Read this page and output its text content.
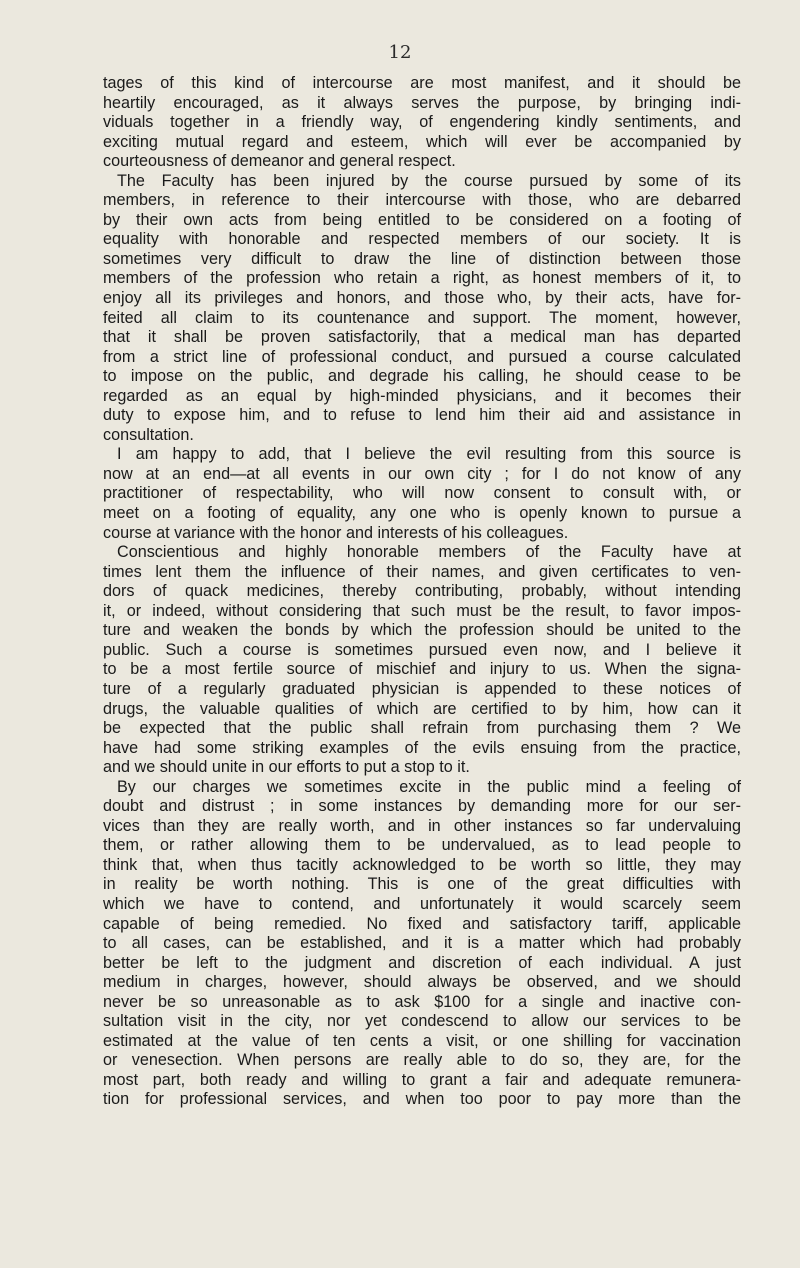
12
tages of this kind of intercourse are most manifest, and it should be
heartily encouraged, as it always serves the purpose, by bringing indi-
viduals together in a friendly way, of engendering kindly sentiments, and
exciting mutual regard and esteem, which will ever be accompanied by
courteousness of demeanor and general respect.
The Faculty has been injured by the course pursued by some of its
members, in reference to their intercourse with those, who are debarred
by their own acts from being entitled to be considered on a footing of
equality with honorable and respected members of our society. It is
sometimes very difficult to draw the line of distinction between those
members of the profession who retain a right, as honest members of it, to
enjoy all its privileges and honors, and those who, by their acts, have for-
feited all claim to its countenance and support. The moment, however,
that it shall be proven satisfactorily, that a medical man has departed
from a strict line of professional conduct, and pursued a course calculated
to impose on the public, and degrade his calling, he should cease to be
regarded as an equal by high-minded physicians, and it becomes their
duty to expose him, and to refuse to lend him their aid and assistance in
consultation.
I am happy to add, that I believe the evil resulting from this source is
now at an end—at all events in our own city ; for I do not know of any
practitioner of respectability, who will now consent to consult with, or
meet on a footing of equality, any one who is openly known to pursue a
course at variance with the honor and interests of his colleagues.
Conscientious and highly honorable members of the Faculty have at
times lent them the influence of their names, and given certificates to ven-
dors of quack medicines, thereby contributing, probably, without intending
it, or indeed, without considering that such must be the result, to favor impos-
ture and weaken the bonds by which the profession should be united to the
public. Such a course is sometimes pursued even now, and I believe it
to be a most fertile source of mischief and injury to us. When the signa-
ture of a regularly graduated physician is appended to these notices of
drugs, the valuable qualities of which are certified to by him, how can it
be expected that the public shall refrain from purchasing them ? We
have had some striking examples of the evils ensuing from the practice,
and we should unite in our efforts to put a stop to it.
By our charges we sometimes excite in the public mind a feeling of
doubt and distrust ; in some instances by demanding more for our ser-
vices than they are really worth, and in other instances so far undervaluing
them, or rather allowing them to be undervalued, as to lead people to
think that, when thus tacitly acknowledged to be worth so little, they may
in reality be worth nothing. This is one of the great difficulties with
which we have to contend, and unfortunately it would scarcely seem
capable of being remedied. No fixed and satisfactory tariff, applicable
to all cases, can be established, and it is a matter which had probably
better be left to the judgment and discretion of each individual. A just
medium in charges, however, should always be observed, and we should
never be so unreasonable as to ask $100 for a single and inactive con-
sultation visit in the city, nor yet condescend to allow our services to be
estimated at the value of ten cents a visit, or one shilling for vaccination
or venesection. When persons are really able to do so, they are, for the
most part, both ready and willing to grant a fair and adequate remunera-
tion for professional services, and when too poor to pay more than the
